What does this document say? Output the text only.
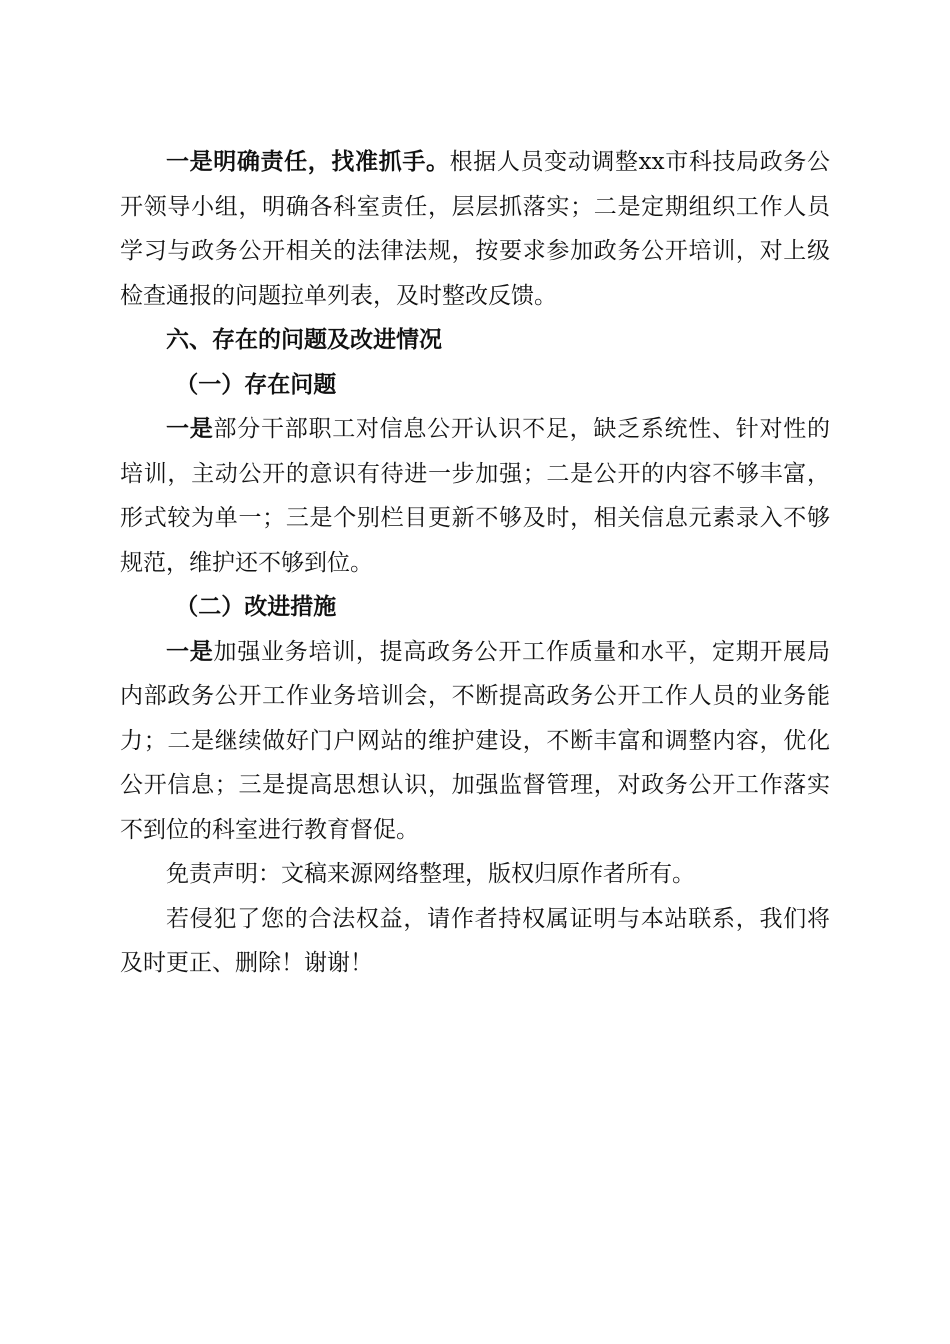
一是明确责任，找准抓手。根据人员变动调整xx市科技局政务公开领导小组，明确各科室责任，层层抓落实；二是定期组织工作人员学习与政务公开相关的法律法规，按要求参加政务公开培训，对上级检查通报的问题拉单列表，及时整改反馈。

六、存在的问题及改进情况

（一）存在问题

一是部分干部职工对信息公开认识不足，缺乏系统性、针对性的培训，主动公开的意识有待进一步加强；二是公开的内容不够丰富，形式较为单一；三是个别栏目更新不够及时，相关信息元素录入不够规范，维护还不够到位。

（二）改进措施

一是加强业务培训，提高政务公开工作质量和水平，定期开展局内部政务公开工作业务培训会，不断提高政务公开工作人员的业务能力；二是继续做好门户网站的维护建设，不断丰富和调整内容，优化公开信息；三是提高思想认识，加强监督管理，对政务公开工作落实不到位的科室进行教育督促。

免责声明：文稿来源网络整理，版权归原作者所有。

若侵犯了您的合法权益，请作者持权属证明与本站联系，我们将及时更正、删除！谢谢！
